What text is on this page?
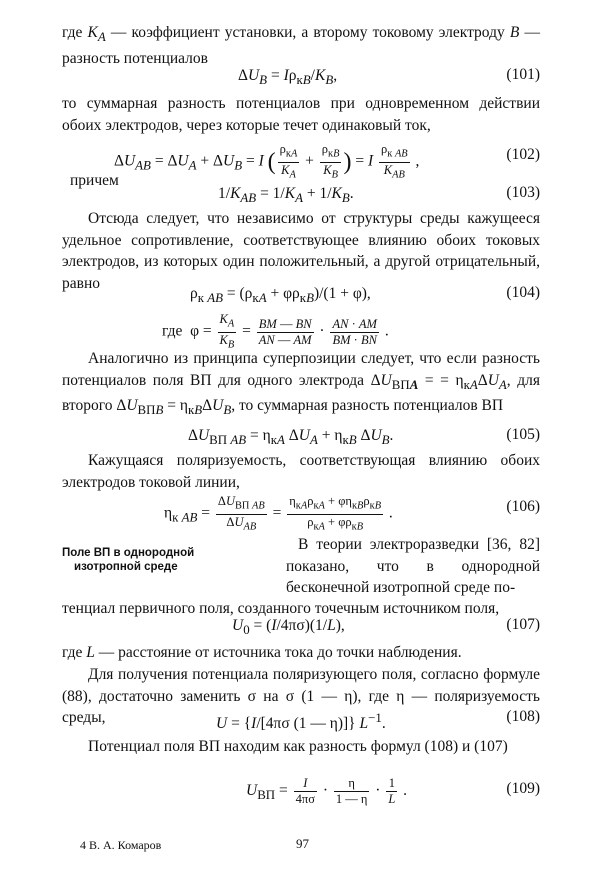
где $K_A$ — коэффициент установки, а второму токовому электроду B — разность потенциалов
$\Delta U_B = I\rho_{кB}/K_B$,	(101)
то суммарная разность потенциалов при одновременном действии обоих электродов, через которые течет одинаковый ток,
$\Delta U_{AB} = \Delta U_A + \Delta U_B = I$ ( $\frac{\rho_{кA}}{K_A} + \frac{\rho_{кB}}{K_B}$ ) = I $\frac{\rho_{к AB}}{K_{AB}}$ ,	(102)
причем
$1/K_{AB} = 1/K_A + 1/K_B$.	(103)
Отсюда следует, что независимо от структуры среды кажущееся удельное сопротивление, соответствующее влиянию обоих токовых электродов, из которых один положительный, а другой отрицательный, равно
$\rho_{к AB} = (\rho_{кA} + \varphi\rho_{кB})/(1 + \varphi)$,	(104)
где  $\varphi = \frac{K_A}{K_B} = \frac{BM — BN}{AN — AM} \cdot \frac{AN \cdot AM}{BM \cdot BN}$ .
Аналогично из принципа суперпозиции следует, что если разность потенциалов поля ВП для одного электрода $\Delta U_{ВПA}$ = = $\eta_{кA}\Delta U_A$, для второго $\Delta U_{ВПB} = \eta_{кB}\Delta U_B$, то суммарная разность потенциалов ВП
$\Delta U_{ВП AB} = \eta_{кA}$ $\Delta U_A + \eta_{кB}$ $\Delta U_B$.	(105)
Кажущаяся поляризуемость, соответствующая влиянию обоих электродов токовой линии,
$\eta_{к AB} = \frac{\Delta U_{ВП AB}}{\Delta U_{AB}} = \frac{\eta_{кA}\rho_{кA} + \varphi\eta_{кB}\rho_{кB}}{\rho_{кA} + \varphi\rho_{кB}}$ .	(106)
Поле ВП в однородной
изотропной среде
В теории электроразведки [36, 82] показано, что в однородной бесконечной изотропной среде по-
тенциал первичного поля, созданного точечным источником поля,
$U_0 = (I/4\pi\sigma)(1/L)$,	(107)
где L — расстояние от источника тока до точки наблюдения.
Для получения потенциала поляризующего поля, согласно формуле (88), достаточно заменить σ на σ (1 — η), где η — поляризуемость среды,	U = {I/[4πσ (1 — η)]} $L^{-1}$.	(108)
Потенциал поля ВП находим как разность формул (108) и (107)
$U_{ВП} = \frac{I}{4\pi\sigma} \cdot \frac{\eta}{1 — \eta} \cdot \frac{1}{L}$ .	(109)
4 В. А. Комаров	97
